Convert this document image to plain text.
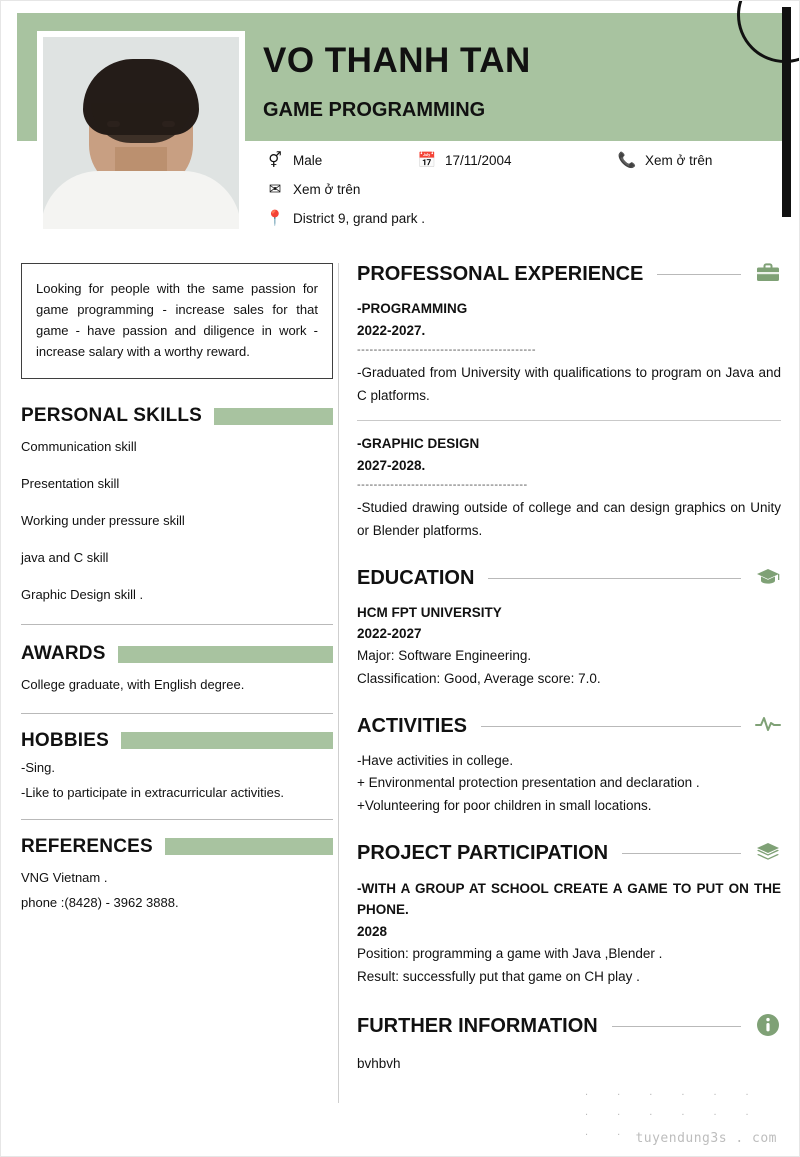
VO THANH TAN
GAME PROGRAMMING
⚥ Male	📅 17/11/2004	📞 Xem ở trên
✉ Xem ở trên
📍 District 9, grand park .
Looking for people with the same passion for game programming - increase sales for that game - have passion and diligence in work - increase salary with a worthy reward.
PERSONAL SKILLS
Communication skill
Presentation skill
Working under pressure skill
java and C skill
Graphic Design skill .
AWARDS
College graduate, with English degree.
HOBBIES
-Sing.
-Like to participate in extracurricular activities.
REFERENCES
VNG Vietnam .
phone :(8428) - 3962 3888.
PROFESSONAL EXPERIENCE
-PROGRAMMING
2022-2027.
-------------------------------------------
-Graduated from University with qualifications to program on Java and C platforms.
-GRAPHIC DESIGN
2027-2028.
-----------------------------------------
-Studied drawing outside of college and can design graphics on Unity or Blender platforms.
EDUCATION
HCM FPT UNIVERSITY
2022-2027
Major: Software Engineering.
Classification: Good, Average score: 7.0.
ACTIVITIES
-Have activities in college.
+ Environmental protection presentation and declaration .
+Volunteering for poor children in small locations.
PROJECT PARTICIPATION
-WITH A GROUP AT SCHOOL CREATE A GAME TO PUT ON THE PHONE.
2028
Position: programming a game with Java ,Blender .
Result: successfully put that game on CH play .
FURTHER INFORMATION
bvhbvh
. . . . . . . . . . . . . . tuyendung3s . com
